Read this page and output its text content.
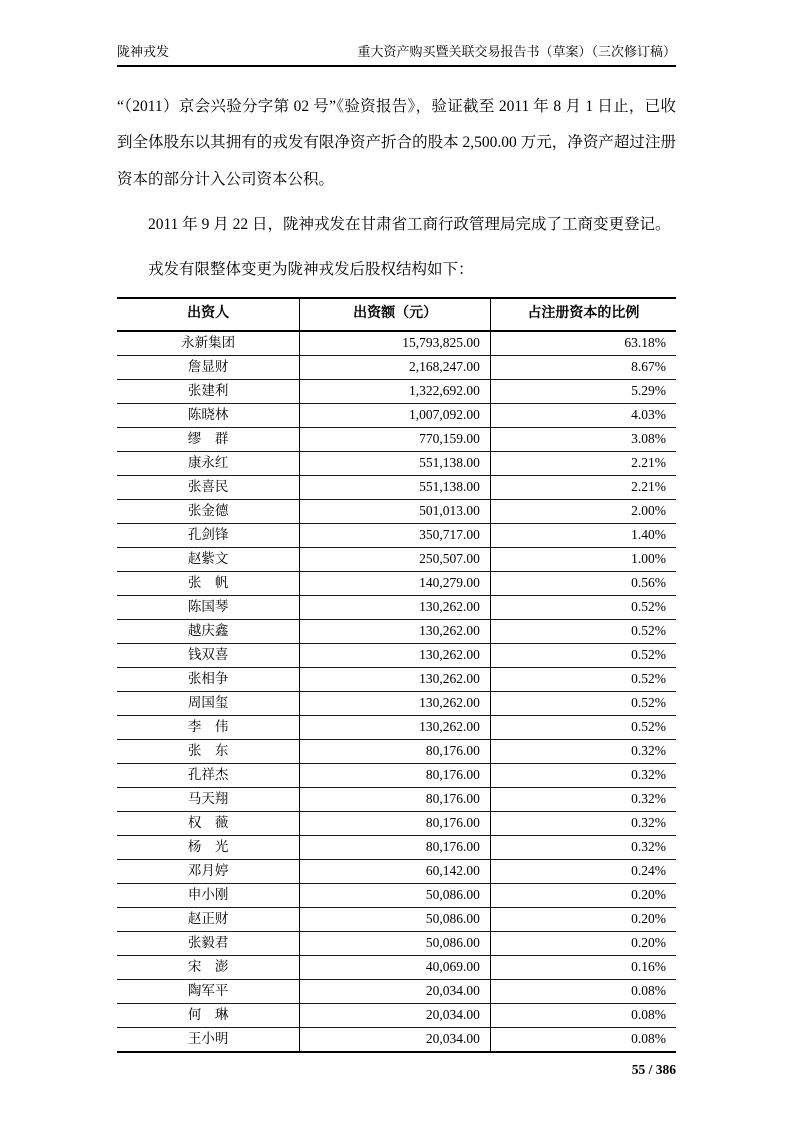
陇神戎发	重大资产购买暨关联交易报告书（草案）（三次修订稿）

“（2011）京会兴验分字第 02 号”《验资报告》，验证截至 2011 年 8 月 1 日止，已收到全体股东以其拥有的戎发有限净资产折合的股本 2,500.00 万元，净资产超过注册资本的部分计入公司资本公积。

2011 年 9 月 22 日，陇神戎发在甘肃省工商行政管理局完成了工商变更登记。

戎发有限整体变更为陇神戎发后股权结构如下：

出资人	出资额（元）	占注册资本的比例
永新集团	15,793,825.00	63.18%
詹显财	2,168,247.00	8.67%
张建利	1,322,692.00	5.29%
陈晓林	1,007,092.00	4.03%
缪　群	770,159.00	3.08%
康永红	551,138.00	2.21%
张喜民	551,138.00	2.21%
张金德	501,013.00	2.00%
孔剑锋	350,717.00	1.40%
赵紫文	250,507.00	1.00%
张　帆	140,279.00	0.56%
陈国琴	130,262.00	0.52%
越庆鑫	130,262.00	0.52%
钱双喜	130,262.00	0.52%
张相争	130,262.00	0.52%
周国玺	130,262.00	0.52%
李　伟	130,262.00	0.52%
张　东	80,176.00	0.32%
孔祥杰	80,176.00	0.32%
马天翔	80,176.00	0.32%
权　薇	80,176.00	0.32%
杨　光	80,176.00	0.32%
邓月婷	60,142.00	0.24%
申小刚	50,086.00	0.20%
赵正财	50,086.00	0.20%
张毅君	50,086.00	0.20%
宋　澎	40,069.00	0.16%
陶军平	20,034.00	0.08%
何　琳	20,034.00	0.08%
王小明	20,034.00	0.08%
55 / 386
